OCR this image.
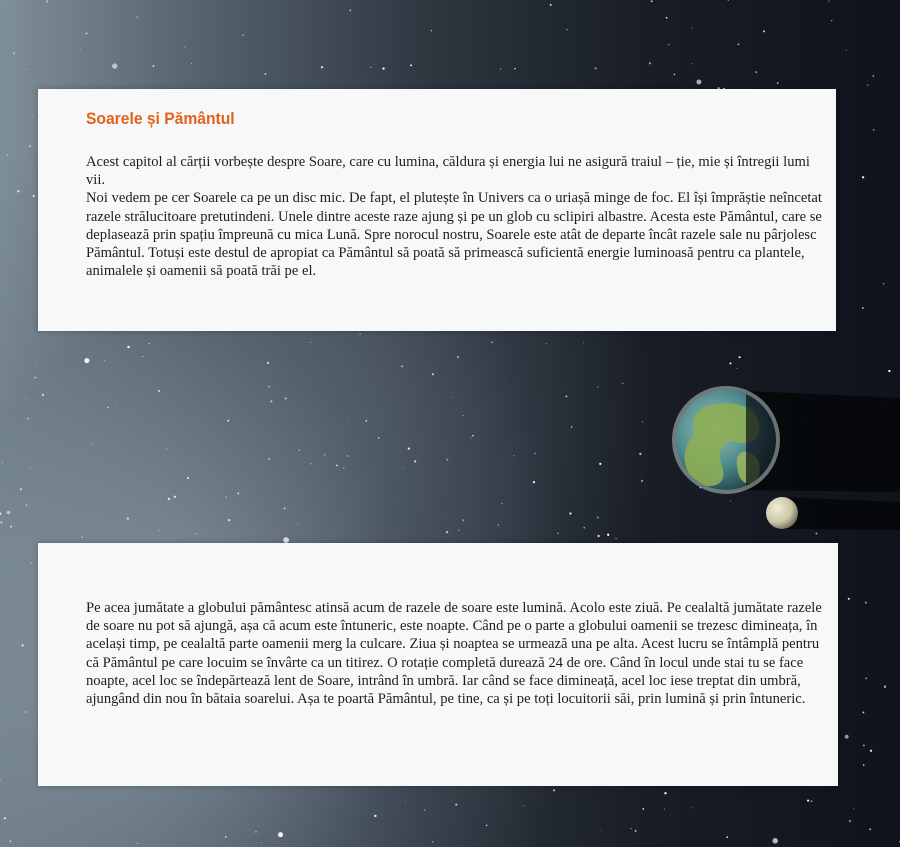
Soarele și Pământul

Acest capitol al cărții vorbește despre Soare, care cu lumina, căldura și energia lui ne asigură traiul – ție, mie și întregii lumi vii.

Noi vedem pe cer Soarele ca pe un disc mic. De fapt, el plutește în Univers ca o uriașă minge de foc. El își împrăștie neîncetat razele strălucitoare pretutindeni. Unele dintre aceste raze ajung și pe un glob cu sclipiri albastre. Acesta este Pământul, care se deplasează prin spațiu împreună cu mica Lună. Spre norocul nostru, Soarele este atât de departe încât razele sale nu pârjolesc Pământul. Totuși este destul de apropiat ca Pământul să poată să primească suficientă energie luminoasă pentru ca plantele, animalele și oamenii să poată trăi pe el.

Pe acea jumătate a globului pământesc atinsă acum de razele de soare este lumină. Acolo este ziuă. Pe cealaltă jumătate razele de soare nu pot să ajungă, așa că acum este întuneric, este noapte. Când pe o parte a globului oamenii se trezesc dimineața, în același timp, pe cealaltă parte oamenii merg la culcare. Ziua și noaptea se urmează una pe alta. Acest lucru se întâmplă pentru că Pământul pe care locuim se învârte ca un titirez. O rotație completă durează 24 de ore. Când în locul unde stai tu se face noapte, acel loc se îndepărtează lent de Soare, intrând în umbră. Iar când se face dimineață, acel loc iese treptat din umbră, ajungând din nou în bătaia soarelui. Așa te poartă Pământul, pe tine, ca și pe toți locuitorii săi, prin lumină și prin întuneric.
